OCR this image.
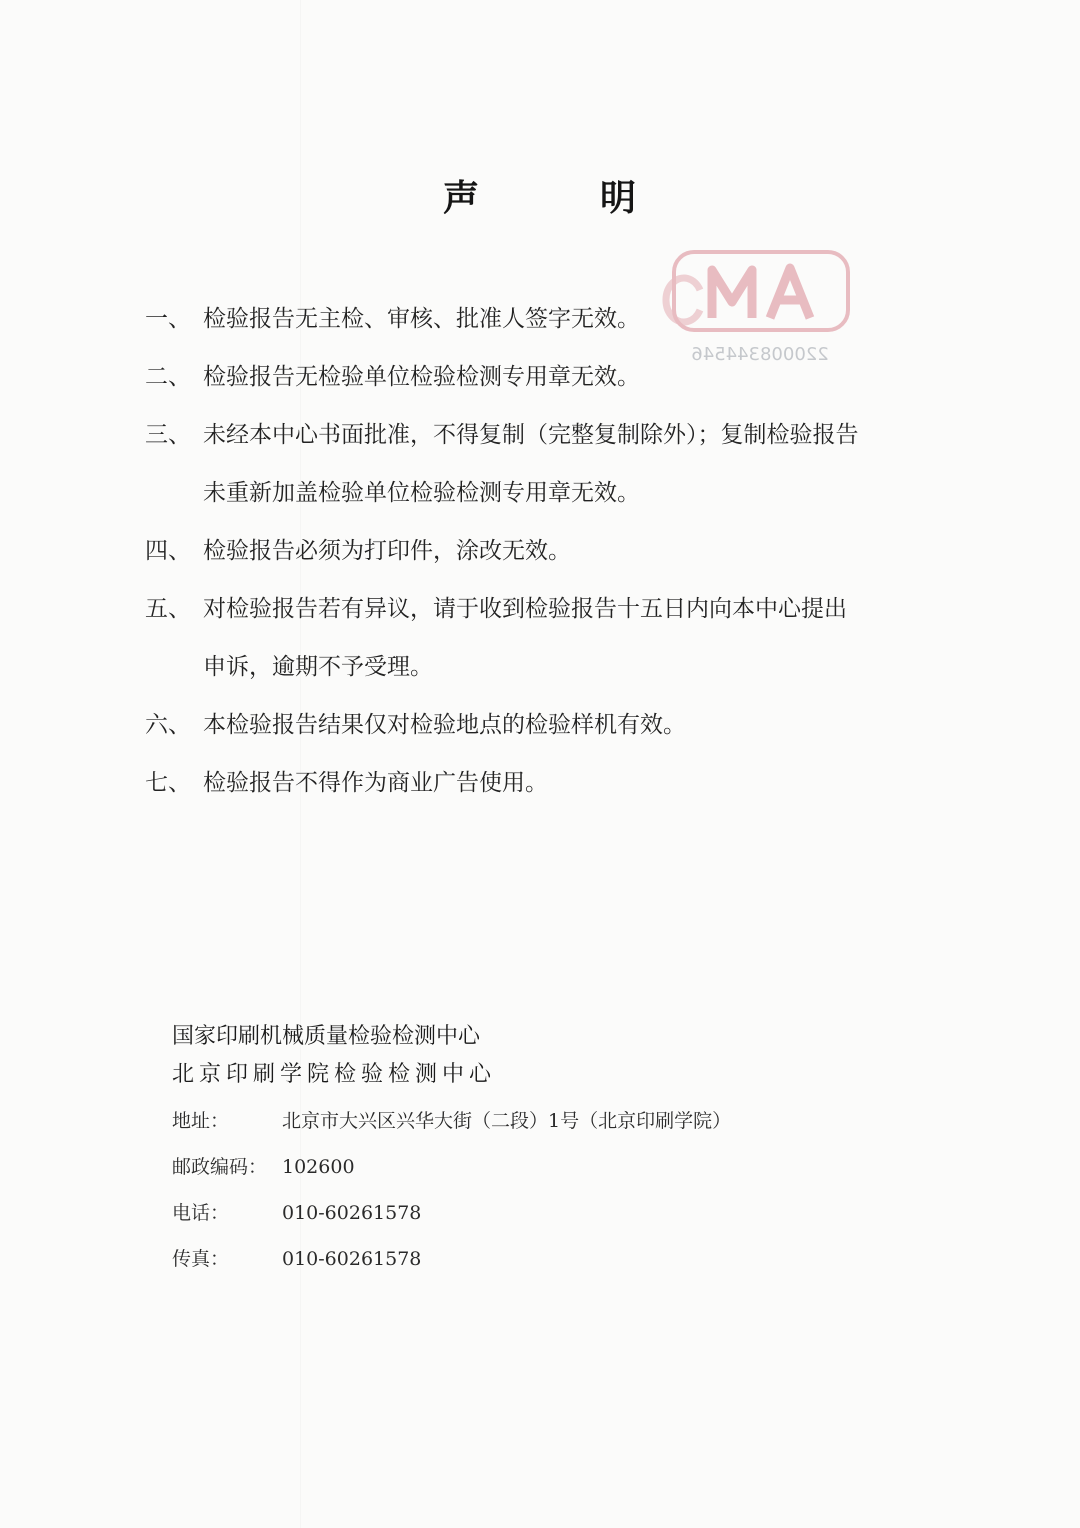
声	明
220008344546
一、 检验报告无主检、审核、批准人签字无效。
二、 检验报告无检验单位检验检测专用章无效。
三、 未经本中心书面批准，不得复制（完整复制除外）；复制检验报告
未重新加盖检验单位检验检测专用章无效。
四、 检验报告必须为打印件，涂改无效。
五、 对检验报告若有异议，请于收到检验报告十五日内向本中心提出
申诉，逾期不予受理。
六、 本检验报告结果仅对检验地点的检验样机有效。
七、 检验报告不得作为商业广告使用。
国家印刷机械质量检验检测中心
北京印刷学院检验检测中心
地址：	北京市大兴区兴华大街（二段）1号（北京印刷学院）
邮政编码： 102600
电话：	010-60261578
传真：	010-60261578
